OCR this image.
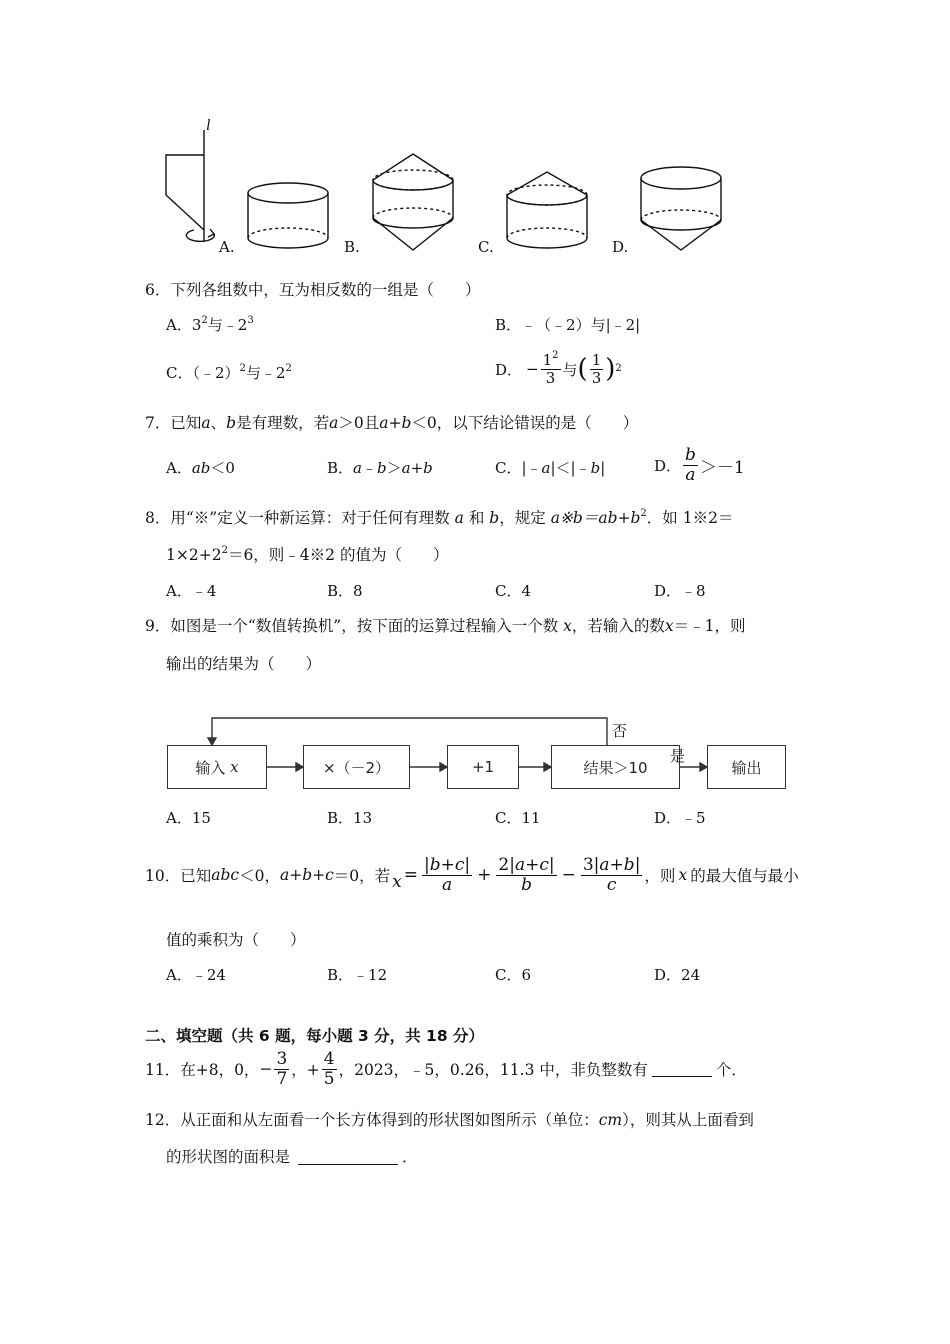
l
A.	B.	C.	D.
6．下列各组数中，互为相反数的一组是（　　）
A．$3^2$与$﹣2^3$	B．﹣（﹣2）与|﹣2|
C．（﹣2）$^2$与$﹣2^2$	D． − $\frac{1^2}{3}$ 与 ( $\frac{1}{3}$ ) 2
7．已知a、b是有理数，若a＞0且a+b＜0，以下结论错误的是（　　）
A．ab＜0	B．a﹣b＞a+b	C．|﹣a|＜|﹣b|	D． $\frac{b}{a} >-1$
8．用“※”定义一种新运算：对于任何有理数 a 和 b，规定 $a※b=ab+b^2$．如 1※2＝
$1\times 2+2^2=6$，则﹣4※2 的值为（　　）
A．﹣4	B．8	C．4	D．﹣8
9．如图是一个“数值转换机”，按下面的运算过程输入一个数 x，若输入的数x＝﹣1，则
输出的结果为（　　）
输入
x	×（－2）	+1	结果＞10	输出
否
是
A．15	B．13	C．11	D．﹣5
10．已知 abc ＜0， a+b+c ＝0，若 $x = \frac{|b+c|}{a} + \frac{2|a+c|}{b} - \frac{3|a+b|}{c}$ ，则 x 的最大值与最小
值的乘积为（　　）
A．﹣24	B．﹣12	C．6	D．24
二、填空题（共 6 题，每小题 3 分，共 18 分）
11．在+8，0， − $\frac{3}{7}$ ，+ $\frac{4}{5}$ ，2023，﹣5，0.26，11.3 中，非负整数有	个．
12．从正面和从左面看一个长方体得到的形状图如图所示（单位：cm），则其从上面看到
的形状图的面积是	．
